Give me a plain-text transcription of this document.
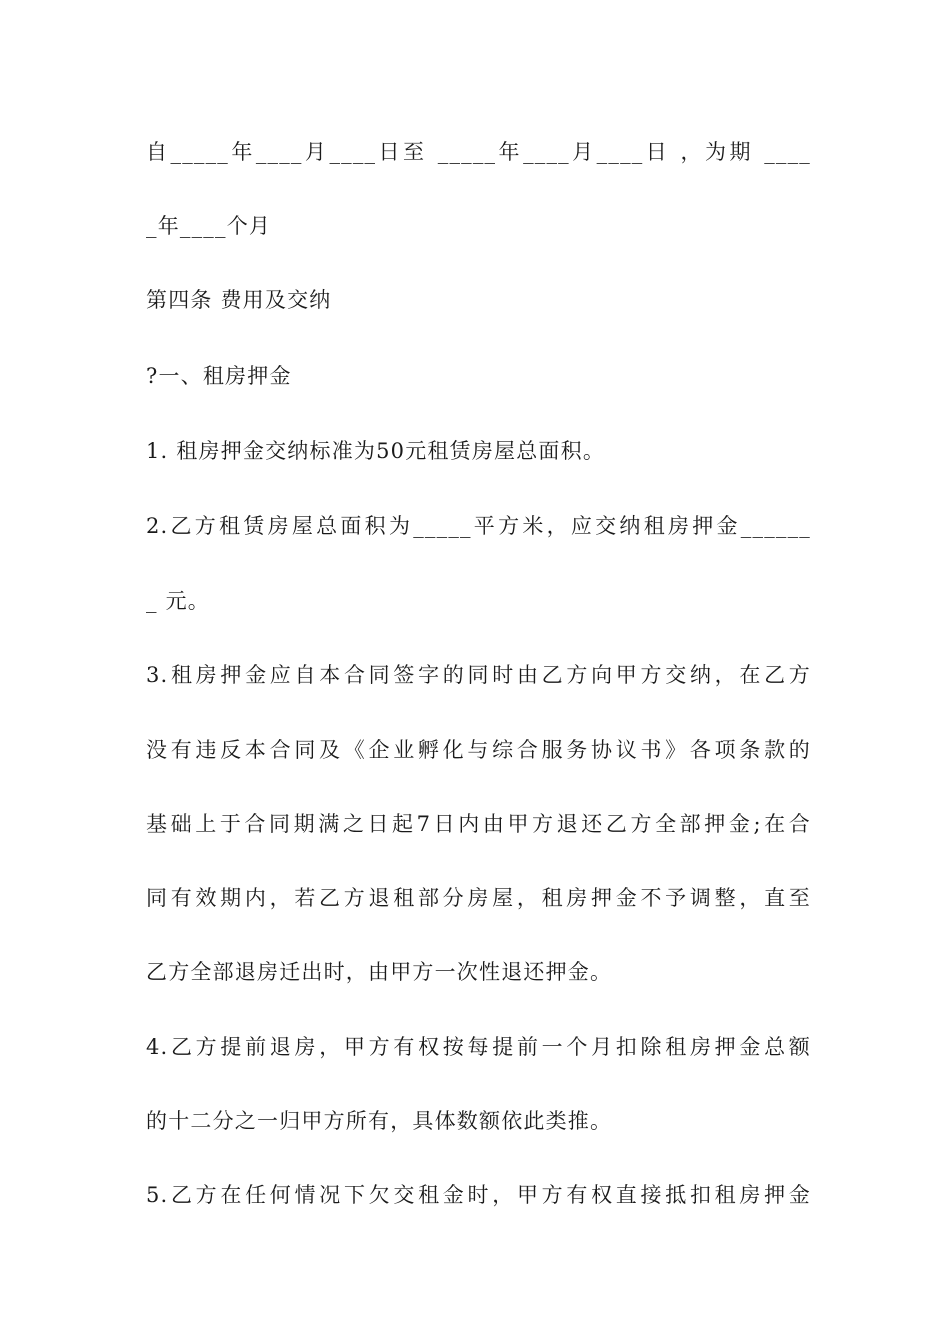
自_____年____月____日至 _____年____月____日 ，为期 ____
_年____个月
第四条 费用及交纳
?一、租房押金
1. 租房押金交纳标准为50元租赁房屋总面积。
2.乙方租赁房屋总面积为_____平方米，应交纳租房押金______
_ 元。
3.租房押金应自本合同签字的同时由乙方向甲方交纳，在乙方
没有违反本合同及《企业孵化与综合服务协议书》各项条款的
基础上于合同期满之日起7日内由甲方退还乙方全部押金;在合
同有效期内，若乙方退租部分房屋，租房押金不予调整，直至
乙方全部退房迁出时，由甲方一次性退还押金。
4.乙方提前退房，甲方有权按每提前一个月扣除租房押金总额
的十二分之一归甲方所有，具体数额依此类推。
5.乙方在任何情况下欠交租金时，甲方有权直接抵扣租房押金
